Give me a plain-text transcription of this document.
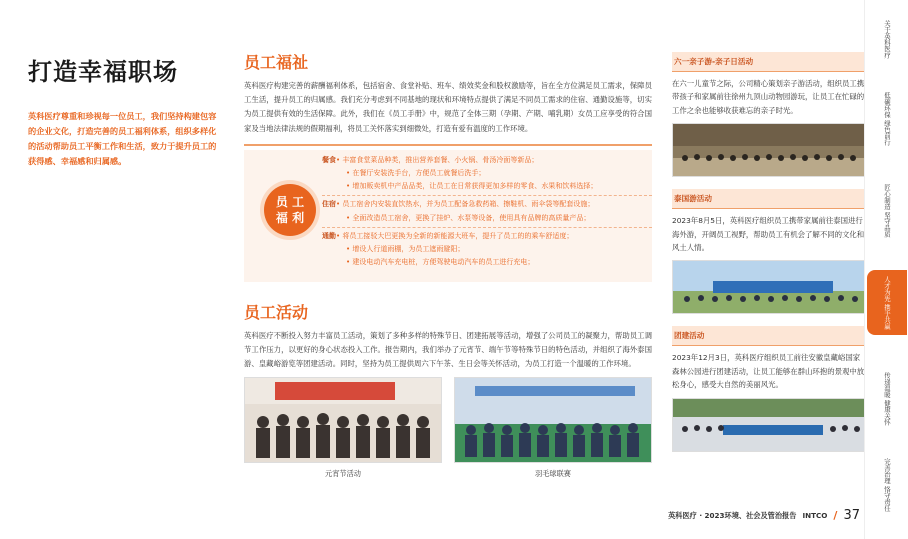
打造幸福职场

英科医疗尊重和珍视每一位员工，我们坚持构建包容的企业文化，打造完善的员工福利体系，组织多样化的活动帮助员工平衡工作和生活，致力于提升员工的获得感、幸福感和归属感。

员工福祉

英科医疗构建完善的薪酬福利体系，包括宿舍、食堂补贴、班车、绩效奖金和股权激励等，旨在全方位满足员工需求，保障员工生活，提升员工的归属感。我们充分考虑到不同基地的现状和环境特点提供了满足不同员工需求的住宿、通勤设施等，切实为员工提供有效的生活保障。此外，我们在《员工手册》中，规范了全体三期（孕期、产期、哺乳期）女员工应享受的符合国家及当地法律法规的假期福利，将员工关怀落实到细微处，打造有爱有温度的工作环境。

员 工
福 利
餐食• 丰富食堂菜品种类，推出营养套餐、小火锅、骨汤冷面等新品；
• 在餐厅安装洗手台，方便员工就餐后洗手；
• 增加贩卖机中产品品类，让员工在日常获得更加多样的零食、水果和饮料选择；
住宿• 员工宿舍内安装直饮热水，并为员工配备急救药箱、擦鞋机、雨伞袋等配套设施；
• 全面改造员工宿舍，更换了挂炉、水泵等设备，使用具有品牌的高质量产品；
通勤• 将员工接驳大巴更换为全新的新能源大班车，提升了员工的的乘车舒适度；
• 增设人行道雨棚，为员工遮雨避阳；
• 建设电动汽车充电桩，方便驾驶电动汽车的员工进行充电；
员工活动

英科医疗不断投入努力丰富员工活动，策划了多种多样的特殊节日、团建拓展等活动，增强了公司员工的凝聚力，帮助员工调节工作压力，以更好的身心状态投入工作。报告期内，我们举办了元宵节、端午节等特殊节日的特色活动，并组织了海外泰国游、皇藏峪游览等团建活动。同时，坚持为员工提供周六下午茶、生日会等关怀活动，为员工打造一个温暖的工作环境。

元宵节活动	羽毛球联赛
六一亲子游-亲子日活动

在六一儿童节之际，公司精心策划亲子游活动，组织员工携带孩子和家属前往徐州九顶山动物园游玩，让员工在忙碌的工作之余也能够收获难忘的亲子时光。

泰国游活动

2023年8月5日，英科医疗组织员工携带家属前往泰国进行海外游，开阔员工视野，帮助员工有机会了解不同的文化和风土人情。

团建活动

2023年12月3日，英科医疗组织员工前往安徽皇藏峪国家森林公园进行团建活动，让员工能够在群山环抱的景观中放松身心，感受大自然的美丽风光。

英科医疗 · 2023环境、社会及管治报告 INTCO / 37
关于英科医疗
低碳环保 绿色前行
匠心制造 坚守品质
人才为先 携手共赢
传递温暖 健康关怀
完善治理 恪守责任
